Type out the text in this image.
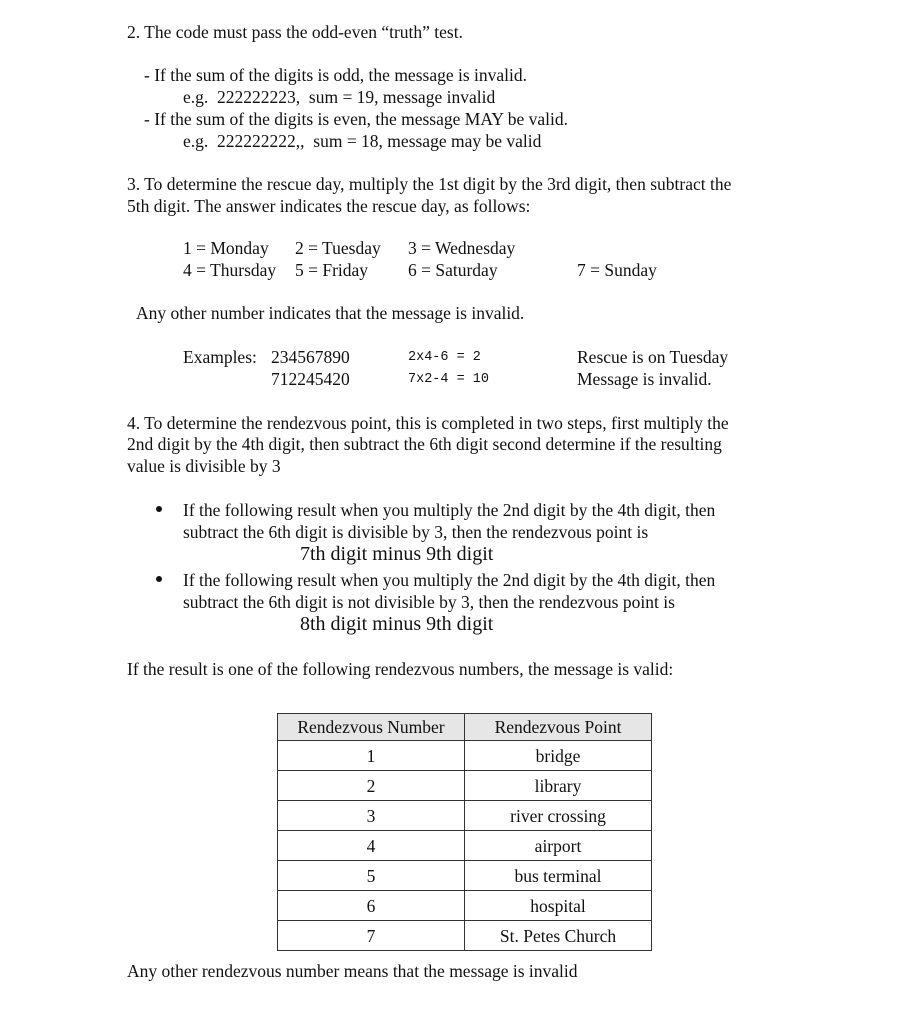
2. The code must pass the odd-even “truth” test.
- If the sum of the digits is odd, the message is invalid.
e.g.  222222223,  sum = 19, message invalid
- If the sum of the digits is even, the message MAY be valid.
e.g.  222222222,,  sum = 18, message may be valid
3. To determine the rescue day, multiply the 1st digit by the 3rd digit, then subtract the
5th digit. The answer indicates the rescue day, as follows:
1 = Monday 2 = Tuesday 3 = Wednesday
4 = Thursday 5 = Friday 6 = Saturday	7 = Sunday
Any other number indicates that the message is invalid.
Examples: 234567890	2x4-6 = 2	Rescue is on Tuesday
712245420	7x2-4 = 10	Message is invalid.
4. To determine the rendezvous point, this is completed in two steps, first multiply the
2nd digit by the 4th digit, then subtract the 6th digit second determine if the resulting
value is divisible by 3
If the following result when you multiply the 2nd digit by the 4th digit, then
subtract the 6th digit is divisible by 3, then the rendezvous point is
7th digit minus 9th digit
If the following result when you multiply the 2nd digit by the 4th digit, then
subtract the 6th digit is not divisible by 3, then the rendezvous point is
8th digit minus 9th digit
If the result is one of the following rendezvous numbers, the message is valid:
Rendezvous Number	Rendezvous Point
1	bridge
2	library
3	river crossing
4	airport
5	bus terminal
6	hospital
7	St. Petes Church
Any other rendezvous number means that the message is invalid
